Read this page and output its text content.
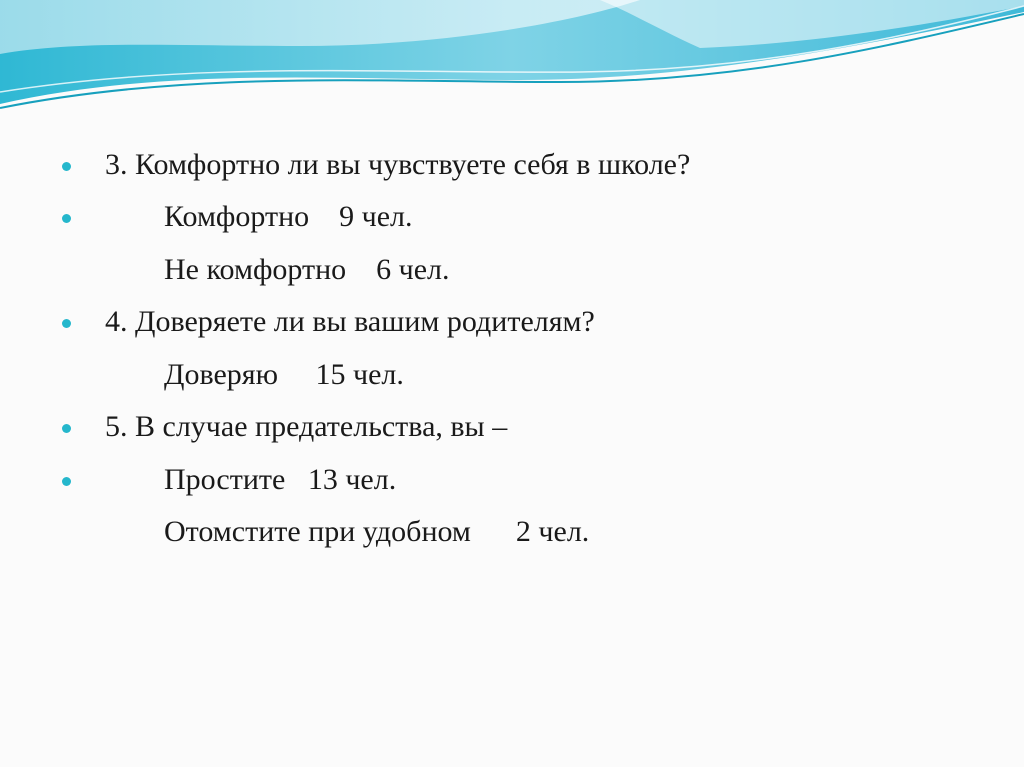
3. Комфортно ли вы чувствуете себя в школе?

Комфортно 9 чел.

Не комфортно 6 чел.

4. Доверяете ли вы вашим родителям?

Доверяю 15 чел.

5. В случае предательства, вы –

Простите 13 чел.

Отомстите при удобном 2 чел.
